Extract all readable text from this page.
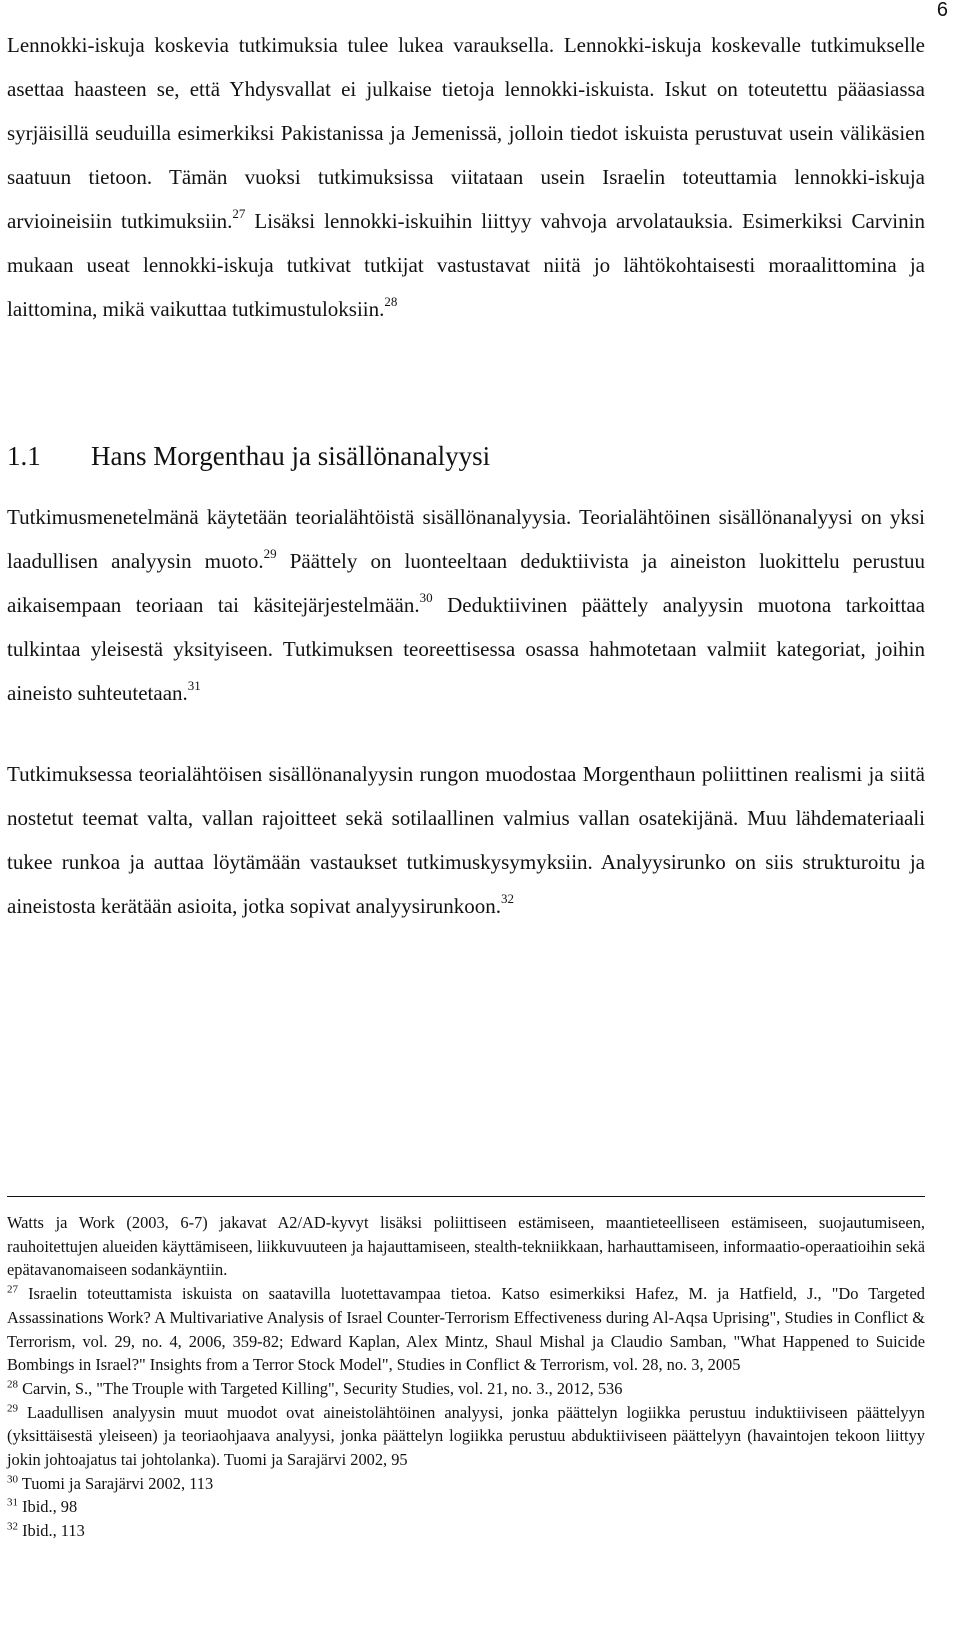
6

Lennokki-iskuja koskevia tutkimuksia tulee lukea varauksella. Lennokki-iskuja koskevalle tutkimukselle asettaa haasteen se, että Yhdysvallat ei julkaise tietoja lennokki-iskuista. Iskut on toteutettu pääasiassa syrjäisillä seuduilla esimerkiksi Pakistanissa ja Jemenissä, jolloin tiedot iskuista perustuvat usein välikäsien saatuun tietoon. Tämän vuoksi tutkimuksissa viitataan usein Israelin toteuttamia lennokki-iskuja arvioineisiin tutkimuksiin.$^{27}$ Lisäksi lennokki-iskuihin liittyy vahvoja arvolatauksia. Esimerkiksi Carvinin mukaan useat lennokki-iskuja tutkivat tutkijat vastustavat niitä jo lähtökohtaisesti moraalittomina ja laittomina, mikä vaikuttaa tutkimustuloksiin.$^{28}$

1.1 Hans Morgenthau ja sisällönanalyysi

Tutkimusmenetelmänä käytetään teorialähtöistä sisällönanalyysia. Teorialähtöinen sisällönanalyysi on yksi laadullisen analyysin muoto.$^{29}$ Päättely on luonteeltaan deduktiivista ja aineiston luokittelu perustuu aikaisempaan teoriaan tai käsitejärjestelmään.$^{30}$ Deduktiivinen päättely analyysin muotona tarkoittaa tulkintaa yleisestä yksityiseen. Tutkimuksen teoreettisessa osassa hahmotetaan valmiit kategoriat, joihin aineisto suhteutetaan.$^{31}$

Tutkimuksessa teorialähtöisen sisällönanalyysin rungon muodostaa Morgenthaun poliittinen realismi ja siitä nostetut teemat valta, vallan rajoitteet sekä sotilaallinen valmius vallan osatekijänä. Muu lähdemateriaali tukee runkoa ja auttaa löytämään vastaukset tutkimuskysymyksiin. Analyysirunko on siis strukturoitu ja aineistosta kerätään asioita, jotka sopivat analyysirunkoon.$^{32}$

Watts ja Work (2003, 6-7) jakavat A2/AD-kyvyt lisäksi poliittiseen estämiseen, maantieteelliseen estämiseen, suojautumiseen, rauhoitettujen alueiden käyttämiseen, liikkuvuuteen ja hajauttamiseen, stealth-tekniikkaan, harhauttamiseen, informaatio-operaatioihin sekä epätavanomaiseen sodankäyntiin.

$^{27}$ Israelin toteuttamista iskuista on saatavilla luotettavampaa tietoa. Katso esimerkiksi Hafez, M. ja Hatfield, J., "Do Targeted Assassinations Work? A Multivariative Analysis of Israel Counter-Terrorism Effectiveness during Al-Aqsa Uprising", Studies in Conflict & Terrorism, vol. 29, no. 4, 2006, 359-82; Edward Kaplan, Alex Mintz, Shaul Mishal ja Claudio Samban, "What Happened to Suicide Bombings in Israel?" Insights from a Terror Stock Model", Studies in Conflict & Terrorism, vol. 28, no. 3, 2005

$^{28}$ Carvin, S., "The Trouple with Targeted Killing", Security Studies, vol. 21, no. 3., 2012, 536

$^{29}$ Laadullisen analyysin muut muodot ovat aineistolähtöinen analyysi, jonka päättelyn logiikka perustuu induktiiviseen päättelyyn (yksittäisestä yleiseen) ja teoriaohjaava analyysi, jonka päättelyn logiikka perustuu abduktiiviseen päättelyyn (havaintojen tekoon liittyy jokin johtoajatus tai johtolanka). Tuomi ja Sarajärvi 2002, 95

$^{30}$ Tuomi ja Sarajärvi 2002, 113

$^{31}$ Ibid., 98

$^{32}$ Ibid., 113
